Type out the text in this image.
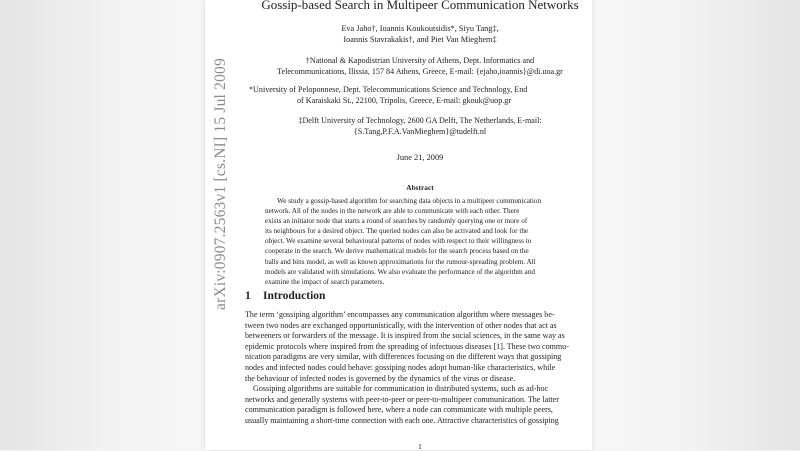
arXiv:0907.2563v1 [cs.NI] 15 Jul 2009
Gossip-based Search in Multipeer Communication Networks
Eva Jaho†, Ioannis Koukoutsidis*, Siyu Tang‡,
Ioannis Stavrakakis†, and Piet Van Mieghem‡
†National & Kapodistrian University of Athens, Dept. Informatics and
Telecommunications, Ilissia, 157 84 Athens, Greece, E-mail: {ejaho,ioannis}@di.uoa.gr
*University of Peloponnese, Dept. Telecommunications Science and Technology, End
of Karaiskaki St., 22100, Tripolis, Greece, E-mail: gkouk@uop.gr
‡Delft University of Technology, 2600 GA Delft, The Netherlands, E-mail:
{S.Tang,P.F.A.VanMieghem}@tudelft.nl
June 21, 2009
Abstract
We study a gossip-based algorithm for searching data objects in a multipeer communication
network. All of the nodes in the network are able to communicate with each other. There
exists an initiator node that starts a round of searches by randomly querying one or more of
its neighbours for a desired object. The queried nodes can also be activated and look for the
object. We examine several behavioural patterns of nodes with respect to their willingness to
cooperate in the search. We derive mathematical models for the search process based on the
balls and bins model, as well as known approximations for the rumour-spreading problem. All
models are validated with simulations. We also evaluate the performance of the algorithm and
examine the impact of search parameters.
1 Introduction
The term ‘gossiping algorithm’ encompasses any communication algorithm where messages be-
tween two nodes are exchanged opportunistically, with the intervention of other nodes that act as
betweeners or forwarders of the message. It is inspired from the social sciences, in the same way as
epidemic protocols where inspired from the spreading of infectuous diseases [1]. These two commu-
nication paradigms are very similar, with differences focusing on the different ways that gossiping
nodes and infected nodes could behave: gossiping nodes adopt human-like characteristics, while
the behaviour of infected nodes is governed by the dynamics of the virus or disease.
Gossiping algorithms are suitable for communication in distributed systems, such as ad-hoc
networks and generally systems with peer-to-peer or peer-to-multipeer communication. The latter
communication paradigm is followed here, where a node can communicate with multiple peers,
usually maintaining a short-time connection with each one. Attractive characteristics of gossiping
1
